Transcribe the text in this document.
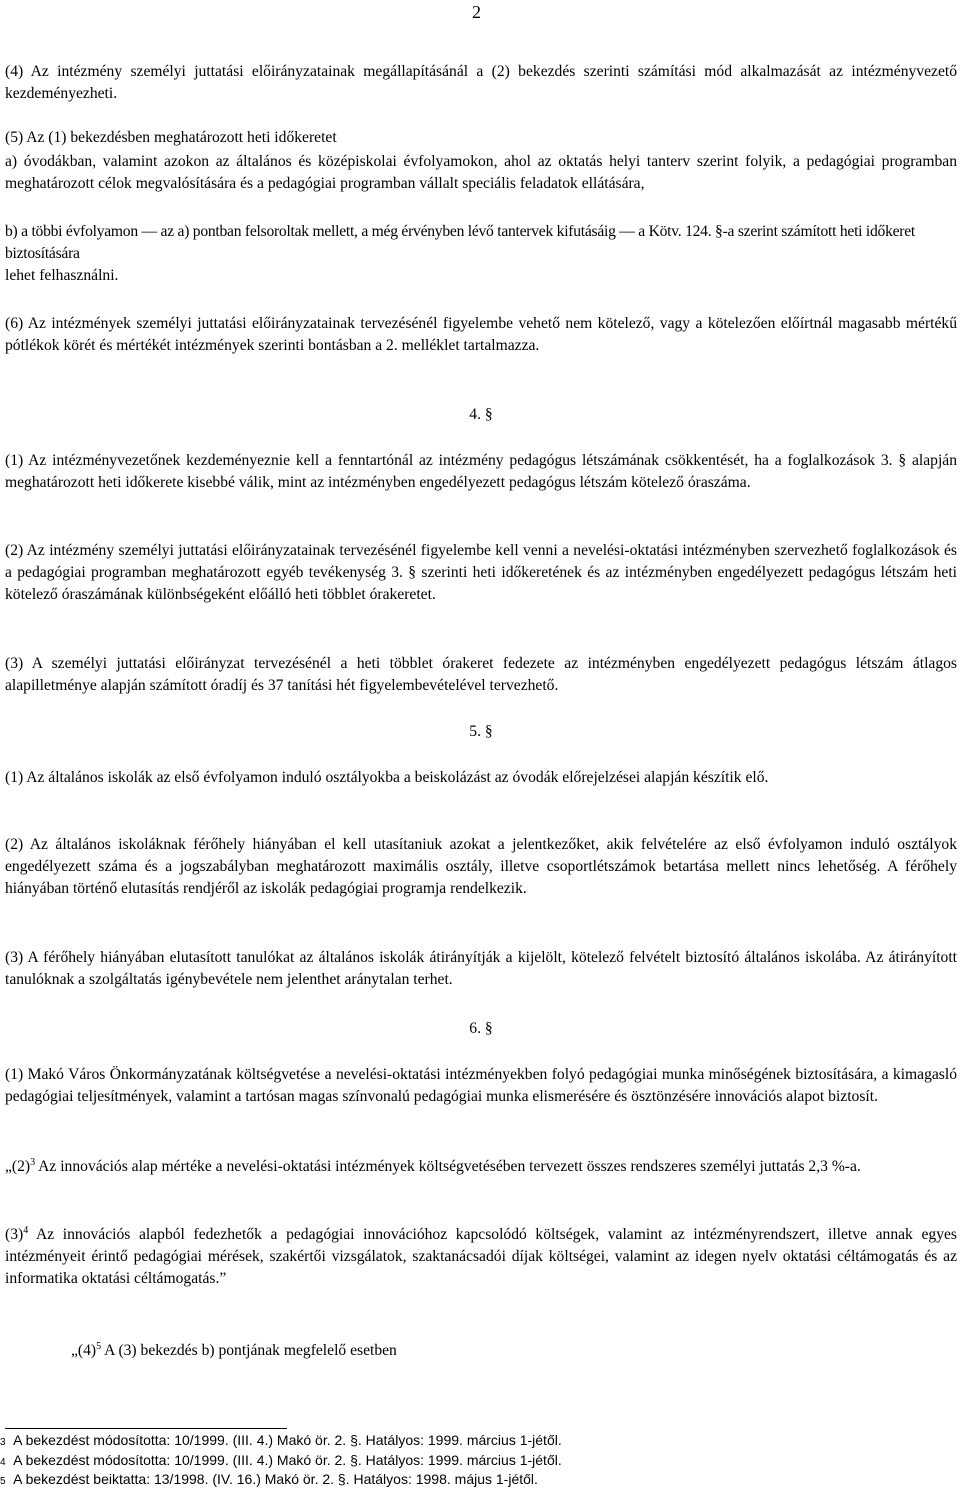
2

(4) Az intézmény személyi juttatási előirányzatainak megállapításánál a (2) bekezdés szerinti számítási mód alkalmazását az intézményvezető kezdeményezheti.

(5) Az (1) bekezdésben meghatározott heti időkeretet

a) óvodákban, valamint azokon az általános és középiskolai évfolyamokon, ahol az oktatás helyi tanterv szerint folyik, a pedagógiai programban meghatározott célok megvalósítására és a pedagógiai programban vállalt speciális feladatok ellátására,

b) a többi évfolyamon — az a) pontban felsoroltak mellett, a még érvényben lévő tantervek kifutásáig — a Kötv. 124. §-a szerint számított heti időkeret biztosítására

lehet felhasználni.

(6) Az intézmények személyi juttatási előirányzatainak tervezésénél figyelembe vehető nem kötelező, vagy a kötelezően előírtnál magasabb mértékű pótlékok körét és mértékét intézmények szerinti bontásban a 2. melléklet tartalmazza.

4. §

(1) Az intézményvezetőnek kezdeményeznie kell a fenntartónál az intézmény pedagógus létszámának csökkentését, ha a foglalkozások 3. § alapján meghatározott heti időkerete kisebbé válik, mint az intézményben engedélyezett pedagógus létszám kötelező óraszáma.

(2) Az intézmény személyi juttatási előirányzatainak tervezésénél figyelembe kell venni a nevelési-oktatási intézményben szervezhető foglalkozások és a pedagógiai programban meghatározott egyéb tevékenység 3. § szerinti heti időkeretének és az intézményben engedélyezett pedagógus létszám heti kötelező óraszámának különbségeként előálló heti többlet órakeretet.

(3) A személyi juttatási előirányzat tervezésénél a heti többlet órakeret fedezete az intézményben engedélyezett pedagógus létszám átlagos alapilletménye alapján számított óradíj és 37 tanítási hét figyelembevételével tervezhető.

5. §

(1) Az általános iskolák az első évfolyamon induló osztályokba a beiskolázást az óvodák előrejelzései alapján készítik elő.

(2) Az általános iskoláknak férőhely hiányában el kell utasítaniuk azokat a jelentkezőket, akik felvételére az első évfolyamon induló osztályok engedélyezett száma és a jogszabályban meghatározott maximális osztály, illetve csoportlétszámok betartása mellett nincs lehetőség. A férőhely hiányában történő elutasítás rendjéről az iskolák pedagógiai programja rendelkezik.

(3) A férőhely hiányában elutasított tanulókat az általános iskolák átirányítják a kijelölt, kötelező felvételt biztosító általános iskolába. Az átirányított tanulóknak a szolgáltatás igénybevétele nem jelenthet aránytalan terhet.

6. §

(1) Makó Város Önkormányzatának költségvetése a nevelési-oktatási intézményekben folyó pedagógiai munka minőségének biztosítására, a kimagasló pedagógiai teljesítmények, valamint a tartósan magas színvonalú pedagógiai munka elismerésére és ösztönzésére innovációs alapot biztosít.

$„(2)^3$ Az innovációs alap mértéke a nevelési-oktatási intézmények költségvetésében tervezett összes rendszeres személyi juttatás 2,3 %-a.

$(3)^4$ Az innovációs alapból fedezhetők a pedagógiai innovációhoz kapcsolódó költségek, valamint az intézményrendszert, illetve annak egyes intézményeit érintő pedagógiai mérések, szakértői vizsgálatok, szaktanácsadói díjak költségei, valamint az idegen nyelv oktatási céltámogatás és az informatika oktatási céltámogatás.”

$„(4)^5$ A (3) bekezdés b) pontjának megfelelő esetben

3 A bekezdést módosította: 10/1999. (III. 4.) Makó ör. 2. §. Hatályos: 1999. március 1-jétől.
4 A bekezdést módosította: 10/1999. (III. 4.) Makó ör. 2. §. Hatályos: 1999. március 1-jétől.
5 A bekezdést beiktatta: 13/1998. (IV. 16.) Makó ör. 2. §. Hatályos: 1998. május 1-jétől.
